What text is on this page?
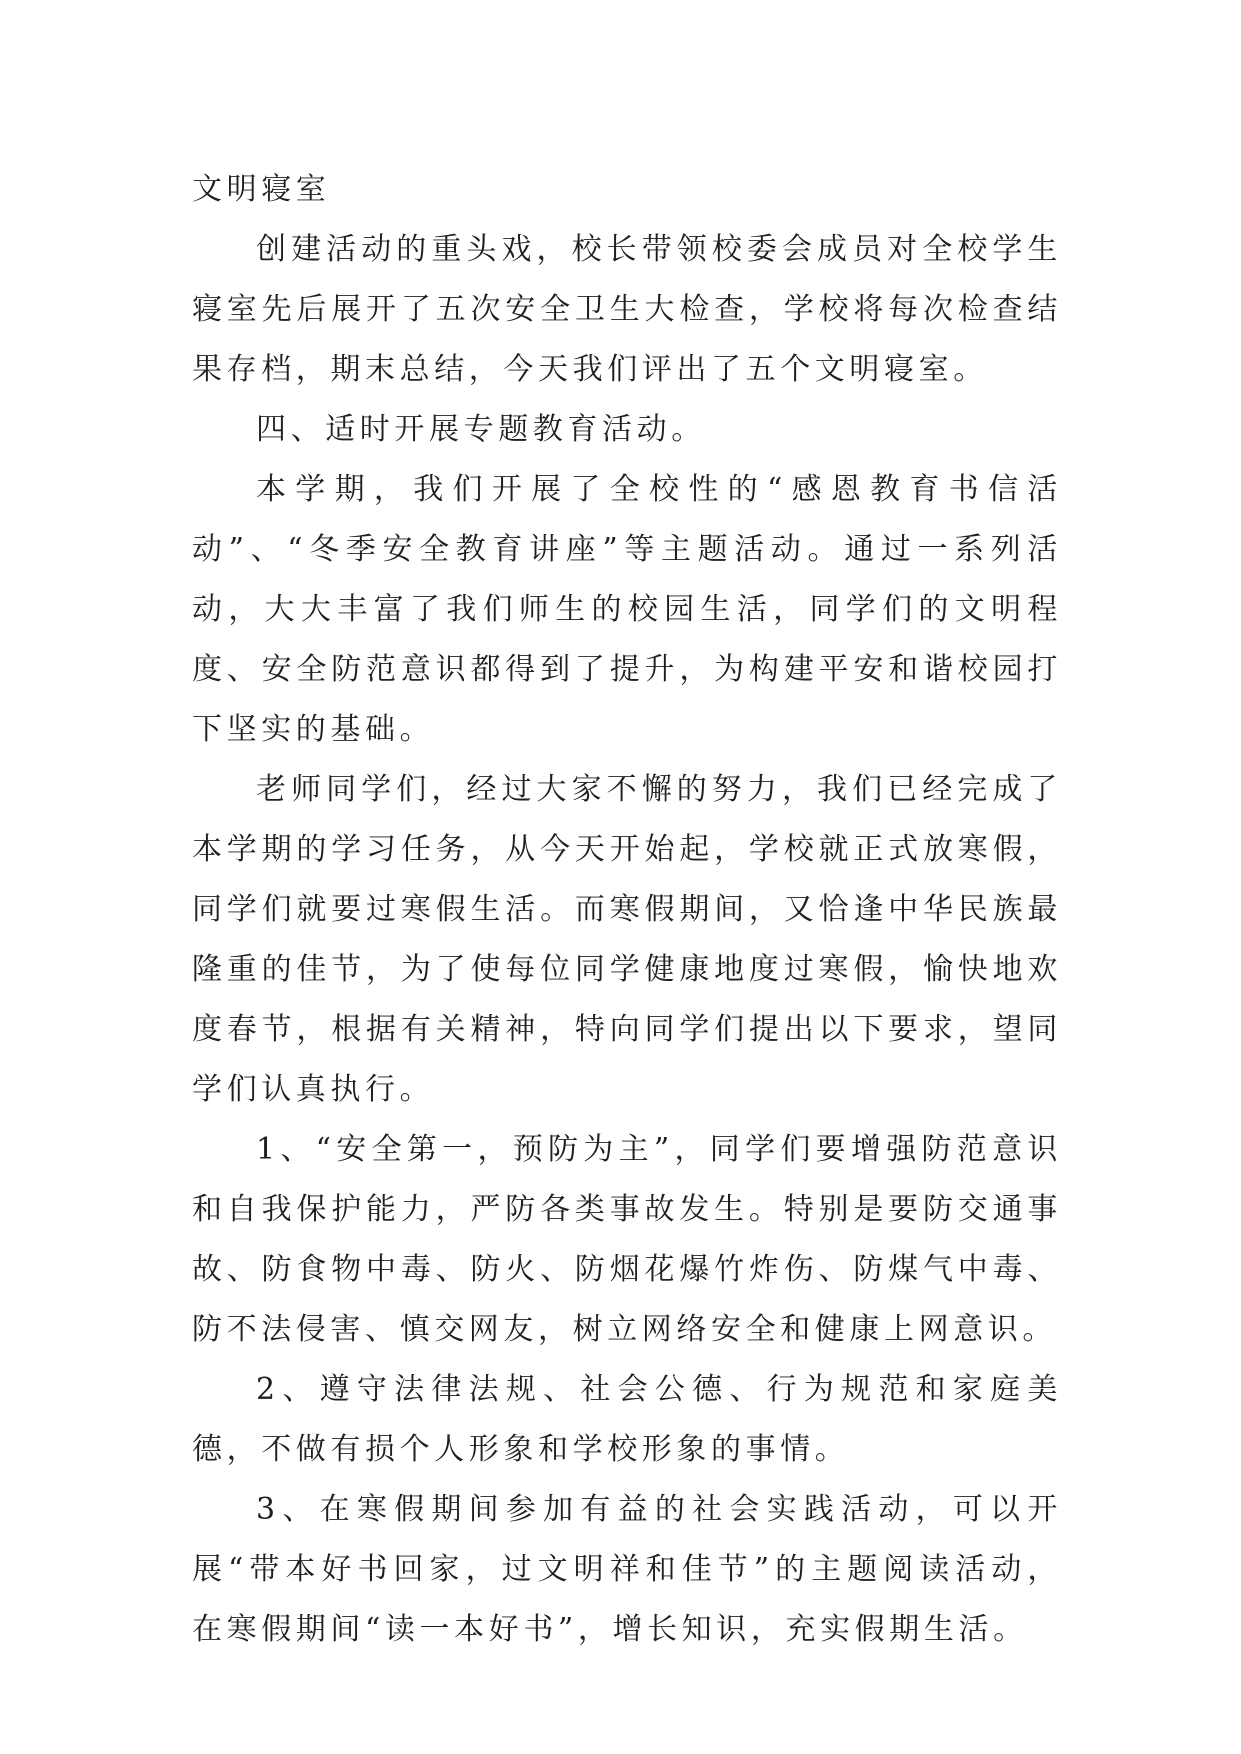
文明寝室

创建活动的重头戏，校长带领校委会成员对全校学生寝室先后展开了五次安全卫生大检查，学校将每次检查结果存档，期末总结，今天我们评出了五个文明寝室。

四、适时开展专题教育活动。

本学期，我们开展了全校性的“感恩教育书信活动”、“冬季安全教育讲座”等主题活动。通过一系列活动，大大丰富了我们师生的校园生活，同学们的文明程度、安全防范意识都得到了提升，为构建平安和谐校园打下坚实的基础。

老师同学们，经过大家不懈的努力，我们已经完成了本学期的学习任务，从今天开始起，学校就正式放寒假，同学们就要过寒假生活。而寒假期间，又恰逢中华民族最隆重的佳节，为了使每位同学健康地度过寒假，愉快地欢度春节，根据有关精神，特向同学们提出以下要求，望同学们认真执行。

1、“安全第一，预防为主”，同学们要增强防范意识和自我保护能力，严防各类事故发生。特别是要防交通事故、防食物中毒、防火、防烟花爆竹炸伤、防煤气中毒、防不法侵害、慎交网友，树立网络安全和健康上网意识。

2、遵守法律法规、社会公德、行为规范和家庭美德，不做有损个人形象和学校形象的事情。

3、在寒假期间参加有益的社会实践活动，可以开展“带本好书回家，过文明祥和佳节”的主题阅读活动，在寒假期间“读一本好书”，增长知识，充实假期生活。
